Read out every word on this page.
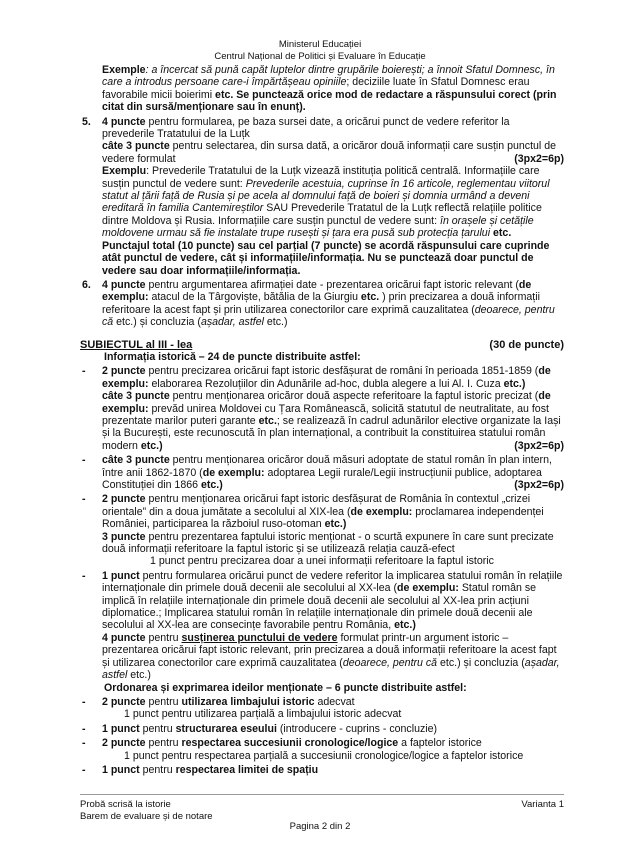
Ministerul Educației
Centrul Național de Politici și Evaluare în Educație
Exemple: a încercat să pună capăt luptelor dintre grupările boierești; a înnoit Sfatul Domnesc, în care a introdus persoane care-i împărtășeau opiniile; deciziile luate în Sfatul Domnesc erau favorabile micii boierimi etc. Se punctează orice mod de redactare a răspunsului corect (prin citat din sursă/menționare sau în enunț).
5. 4 puncte pentru formularea, pe baza sursei date, a oricărui punct de vedere referitor la prevederile Tratatului de la Luțk
câte 3 puncte pentru selectarea, din sursa dată, a oricăror două informații care susțin punctul de vedere formulat	(3px2=6p)
Exemplu: Prevederile Tratatului de la Luțk vizează instituția politică centrală. Informațiile care susțin punctul de vedere sunt: Prevederile acestuia, cuprinse în 16 articole, reglementau viitorul statut al țării față de Rusia și pe acela al domnului față de boieri și domnia urmând a deveni ereditară în familia Cantemireștilor SAU Prevederile Tratatul de la Luțk reflectă relațiile politice dintre Moldova și Rusia. Informațiile care susțin punctul de vedere sunt: în orașele și cetățile moldovene urmau să fie instalate trupe rusești și țara era pusă sub protecția țarului etc.
Punctajul total (10 puncte) sau cel parțial (7 puncte) se acordă răspunsului care cuprinde atât punctul de vedere, cât și informațiile/informația. Nu se punctează doar punctul de vedere sau doar informațiile/informația.
6. 4 puncte pentru argumentarea afirmației date - prezentarea oricărui fapt istoric relevant (de exemplu: atacul de la Târgoviște, bătălia de la Giurgiu etc. ) prin precizarea a două informații referitoare la acest fapt și prin utilizarea conectorilor care exprimă cauzalitatea (deoarece, pentru că etc.) și concluzia (așadar, astfel etc.)
SUBIECTUL al III - lea	(30 de puncte)
Informația istorică – 24 de puncte distribuite astfel:
- 2 puncte pentru precizarea oricărui fapt istoric desfășurat de români în perioada 1851-1859 (de exemplu: elaborarea Rezoluțiilor din Adunările ad-hoc, dubla alegere a lui Al. I. Cuza etc.)
câte 3 puncte pentru menționarea oricăror două aspecte referitoare la faptul istoric precizat (de exemplu: prevăd unirea Moldovei cu Țara Românească, solicită statutul de neutralitate, au fost prezentate marilor puteri garante etc.; se realizează în cadrul adunărilor elective organizate la Iași și la București, este recunoscută în plan internațional, a contribuit la constituirea statului român modern etc.)	(3px2=6p)
- câte 3 puncte pentru menționarea oricăror două măsuri adoptate de statul român în plan intern, între anii 1862-1870 (de exemplu: adoptarea Legii rurale/Legii instrucțiunii publice, adoptarea Constituției din 1866 etc.)	(3px2=6p)
- 2 puncte pentru menționarea oricărui fapt istoric desfășurat de România în contextul „crizei orientale” din a doua jumătate a secolului al XIX-lea (de exemplu: proclamarea independenței României, participarea la războiul ruso-otoman etc.)
3 puncte pentru prezentarea faptului istoric menționat - o scurtă expunere în care sunt precizate două informații referitoare la faptul istoric și se utilizează relația cauză-efect
1 punct pentru precizarea doar a unei informații referitoare la faptul istoric
- 1 punct pentru formularea oricărui punct de vedere referitor la implicarea statului român în relațiile internaționale din primele două decenii ale secolului al XX-lea (de exemplu: Statul român se implică în relațiile internaționale din primele două decenii ale secolului al XX-lea prin acțiuni diplomatice.; Implicarea statului român în relațiile internaționale din primele două decenii ale secolului al XX-lea are consecințe favorabile pentru România, etc.)
4 puncte pentru susținerea punctului de vedere formulat printr-un argument istoric – prezentarea oricărui fapt istoric relevant, prin precizarea a două informații referitoare la acest fapt și utilizarea conectorilor care exprimă cauzalitatea (deoarece, pentru că etc.) și concluzia (așadar, astfel etc.)
Ordonarea și exprimarea ideilor menționate – 6 puncte distribuite astfel:
- 2 puncte pentru utilizarea limbajului istoric adecvat
1 punct pentru utilizarea parțială a limbajului istoric adecvat
- 1 punct pentru structurarea eseului (introducere - cuprins - concluzie)
- 2 puncte pentru respectarea succesiunii cronologice/logice a faptelor istorice
1 punct pentru respectarea parțială a succesiunii cronologice/logice a faptelor istorice
- 1 punct pentru respectarea limitei de spațiu
Probă scrisă la istorie
Barem de evaluare și de notare
Varianta 1
Pagina 2 din 2
